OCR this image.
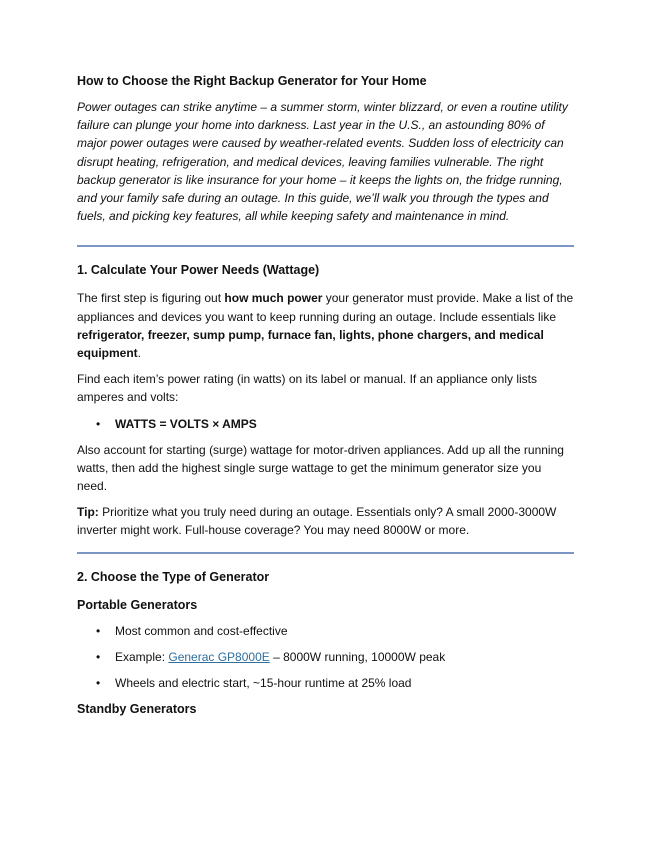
How to Choose the Right Backup Generator for Your Home

Power outages can strike anytime – a summer storm, winter blizzard, or even a routine utility failure can plunge your home into darkness. Last year in the U.S., an astounding 80% of major power outages were caused by weather-related events. Sudden loss of electricity can disrupt heating, refrigeration, and medical devices, leaving families vulnerable. The right backup generator is like insurance for your home – it keeps the lights on, the fridge running, and your family safe during an outage. In this guide, we’ll walk you through the types and fuels, and picking key features, all while keeping safety and maintenance in mind.

1. Calculate Your Power Needs (Wattage)

The first step is figuring out how much power your generator must provide. Make a list of the appliances and devices you want to keep running during an outage. Include essentials like refrigerator, freezer, sump pump, furnace fan, lights, phone chargers, and medical equipment.

Find each item’s power rating (in watts) on its label or manual. If an appliance only lists amperes and volts:

• WATTS = VOLTS × AMPS

Also account for starting (surge) wattage for motor-driven appliances. Add up all the running watts, then add the highest single surge wattage to get the minimum generator size you need.

Tip: Prioritize what you truly need during an outage. Essentials only? A small 2000-3000W inverter might work. Full-house coverage? You may need 8000W or more.

2. Choose the Type of Generator
Portable Generators
• Most common and cost-effective
• Example: Generac GP8000E – 8000W running, 10000W peak
• Wheels and electric start, ~15-hour runtime at 25% load
Standby Generators
